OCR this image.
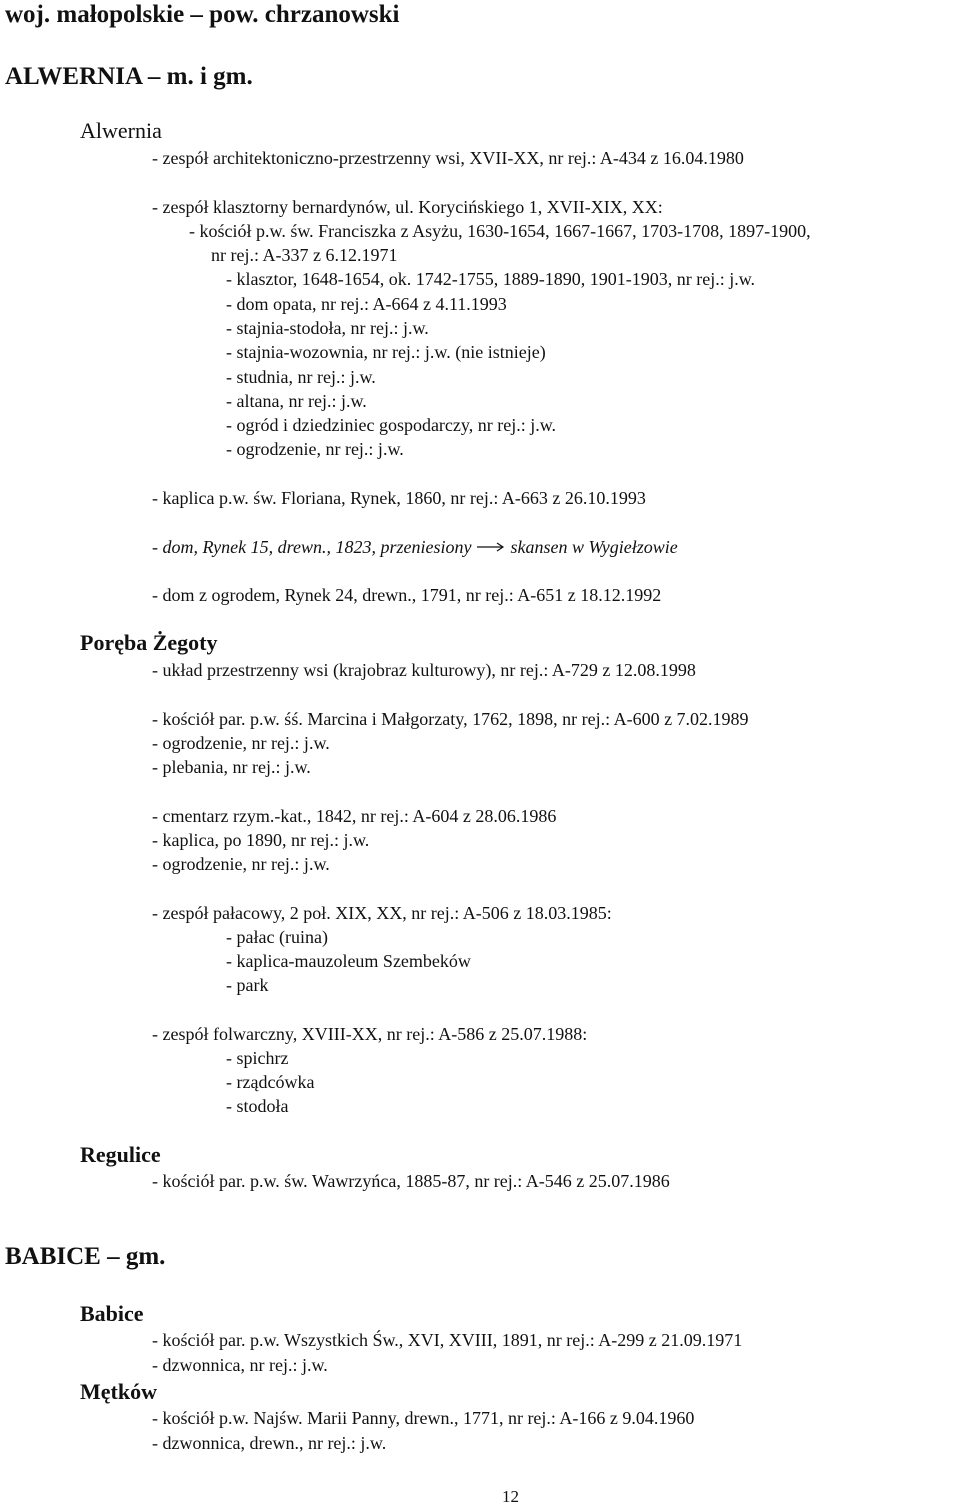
woj. małopolskie – pow. chrzanowski
ALWERNIA – m. i gm.
Alwernia
- zespół architektoniczno-przestrzenny wsi, XVII-XX, nr rej.: A-434 z 16.04.1980
- zespół klasztorny bernardynów, ul. Korycińskiego 1, XVII-XIX, XX:
- kościół p.w. św. Franciszka z Asyżu, 1630-1654, 1667-1667, 1703-1708, 1897-1900,
nr rej.: A-337 z 6.12.1971
- klasztor, 1648-1654, ok. 1742-1755, 1889-1890, 1901-1903, nr rej.: j.w.
- dom opata, nr rej.: A-664 z 4.11.1993
- stajnia-stodoła, nr rej.: j.w.
- stajnia-wozownia, nr rej.: j.w. (nie istnieje)
- studnia, nr rej.: j.w.
- altana, nr rej.: j.w.
- ogród i dziedziniec gospodarczy, nr rej.: j.w.
- ogrodzenie, nr rej.: j.w.
- kaplica p.w. św. Floriana, Rynek, 1860, nr rej.: A-663 z 26.10.1993
- dom, Rynek 15, drewn., 1823, przeniesiony skansen w Wygiełzowie
- dom z ogrodem, Rynek 24, drewn., 1791, nr rej.: A-651 z 18.12.1992
Poręba Żegoty
- układ przestrzenny wsi (krajobraz kulturowy), nr rej.: A-729 z 12.08.1998
- kościół par. p.w. śś. Marcina i Małgorzaty, 1762, 1898, nr rej.: A-600 z 7.02.1989
- ogrodzenie, nr rej.: j.w.
- plebania, nr rej.: j.w.
- cmentarz rzym.-kat., 1842, nr rej.: A-604 z 28.06.1986
- kaplica, po 1890, nr rej.: j.w.
- ogrodzenie, nr rej.: j.w.
- zespół pałacowy, 2 poł. XIX, XX, nr rej.: A-506 z 18.03.1985:
- pałac (ruina)
- kaplica-mauzoleum Szembeków
- park
- zespół folwarczny, XVIII-XX, nr rej.: A-586 z 25.07.1988:
- spichrz
- rządcówka
- stodoła
Regulice
- kościół par. p.w. św. Wawrzyńca, 1885-87, nr rej.: A-546 z 25.07.1986
BABICE – gm.
Babice
- kościół par. p.w. Wszystkich Św., XVI, XVIII, 1891, nr rej.: A-299 z 21.09.1971
- dzwonnica, nr rej.: j.w.
Mętków
- kościół p.w. Najśw. Marii Panny, drewn., 1771, nr rej.: A-166 z 9.04.1960
- dzwonnica, drewn., nr rej.: j.w.
12
